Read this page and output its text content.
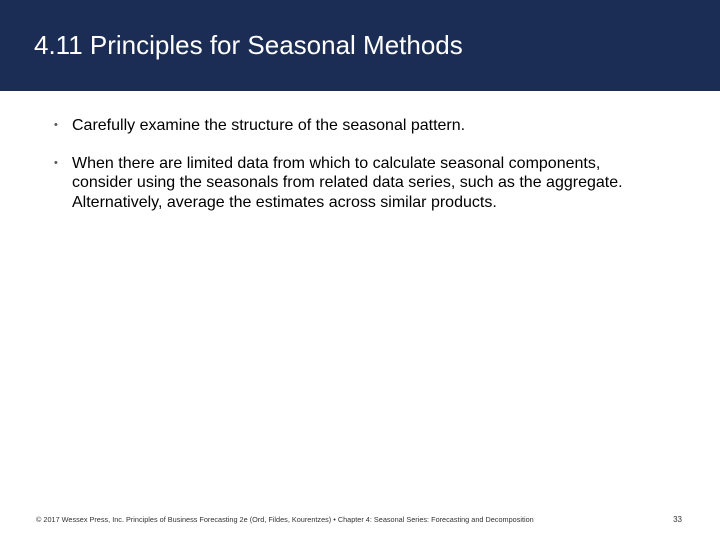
4.11 Principles for Seasonal Methods
• Carefully examine the structure of the seasonal pattern.
• When there are limited data from which to calculate seasonal components, consider using the seasonals from related data series, such as the aggregate. Alternatively, average the estimates across similar products.
© 2017 Wessex Press, Inc. Principles of Business Forecasting 2e (Ord, Fildes, Kourentzes) • Chapter 4: Seasonal Series: Forecasting and Decomposition	33
